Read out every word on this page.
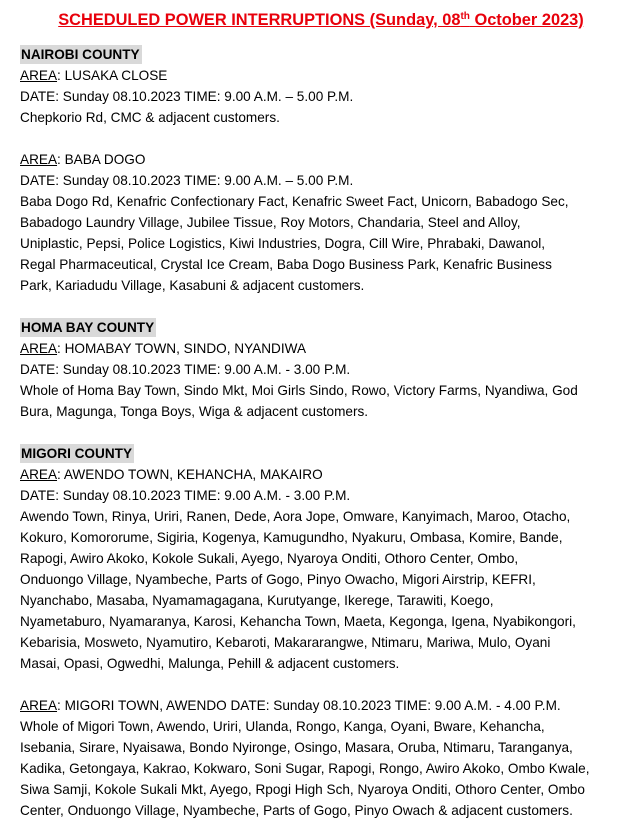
SCHEDULED POWER INTERRUPTIONS (Sunday, 08th October 2023)
NAIROBI COUNTY
AREA: LUSAKA CLOSE
DATE: Sunday 08.10.2023 TIME: 9.00 A.M. – 5.00 P.M.
Chepkorio Rd, CMC & adjacent customers.
AREA: BABA DOGO
DATE: Sunday 08.10.2023 TIME: 9.00 A.M. – 5.00 P.M.
Baba Dogo Rd, Kenafric Confectionary Fact, Kenafric Sweet Fact, Unicorn, Babadogo Sec,
Babadogo Laundry Village, Jubilee Tissue, Roy Motors, Chandaria, Steel and Alloy,
Uniplastic, Pepsi, Police Logistics, Kiwi Industries, Dogra, Cill Wire, Phrabaki, Dawanol,
Regal Pharmaceutical, Crystal Ice Cream, Baba Dogo Business Park, Kenafric Business
Park, Kariadudu Village, Kasabuni & adjacent customers.
HOMA BAY COUNTY
AREA: HOMABAY TOWN, SINDO, NYANDIWA
DATE: Sunday 08.10.2023 TIME: 9.00 A.M. - 3.00 P.M.
Whole of Homa Bay Town, Sindo Mkt, Moi Girls Sindo, Rowo, Victory Farms, Nyandiwa, God
Bura, Magunga, Tonga Boys, Wiga & adjacent customers.
MIGORI COUNTY
AREA: AWENDO TOWN, KEHANCHA, MAKAIRO
DATE: Sunday 08.10.2023 TIME: 9.00 A.M. - 3.00 P.M.
Awendo Town, Rinya, Uriri, Ranen, Dede, Aora Jope, Omware, Kanyimach, Maroo, Otacho,
Kokuro, Komororume, Sigiria, Kogenya, Kamugundho, Nyakuru, Ombasa, Komire, Bande,
Rapogi, Awiro Akoko, Kokole Sukali, Ayego, Nyaroya Onditi, Othoro Center, Ombo,
Onduongo Village, Nyambeche, Parts of Gogo, Pinyo Owacho, Migori Airstrip, KEFRI,
Nyanchabo, Masaba, Nyamamagagana, Kurutyange, Ikerege, Tarawiti, Koego,
Nyametaburo, Nyamaranya, Karosi, Kehancha Town, Maeta, Kegonga, Igena, Nyabikongori,
Kebarisia, Mosweto, Nyamutiro, Kebaroti, Makararangwe, Ntimaru, Mariwa, Mulo, Oyani
Masai, Opasi, Ogwedhi, Malunga, Pehill & adjacent customers.
AREA: MIGORI TOWN, AWENDO DATE: Sunday 08.10.2023 TIME: 9.00 A.M. - 4.00 P.M.
Whole of Migori Town, Awendo, Uriri, Ulanda, Rongo, Kanga, Oyani, Bware, Kehancha,
Isebania, Sirare, Nyaisawa, Bondo Nyironge, Osingo, Masara, Oruba, Ntimaru, Taranganya,
Kadika, Getongaya, Kakrao, Kokwaro, Soni Sugar, Rapogi, Rongo, Awiro Akoko, Ombo Kwale,
Siwa Samji, Kokole Sukali Mkt, Ayego, Rpogi High Sch, Nyaroya Onditi, Othoro Center, Ombo
Center, Onduongo Village, Nyambeche, Parts of Gogo, Pinyo Owach & adjacent customers.
